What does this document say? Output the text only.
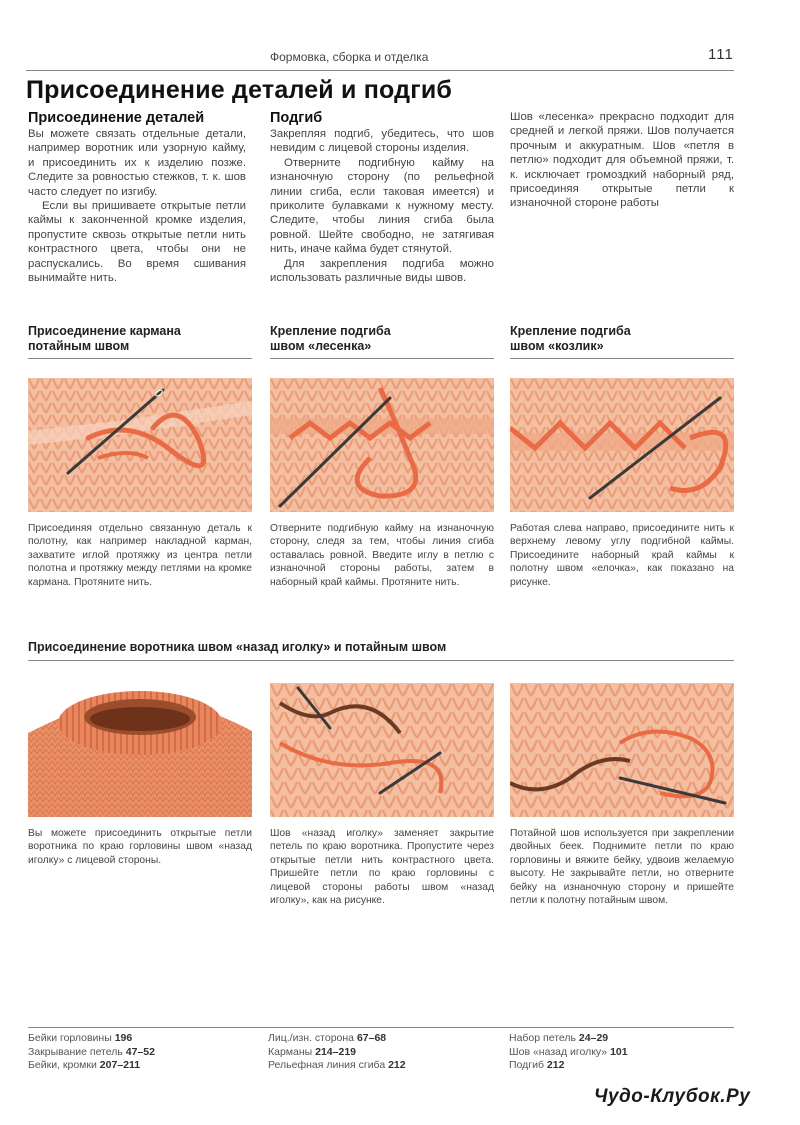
Формовка, сборка и отделка	111
Присоединение деталей и подгиб
Присоединение деталей

Вы можете связать отдельные детали, например воротник или узорную кайму, и присоединить их к изделию позже. Следите за ровностью стежков, т. к. шов часто следует по изгибу.

Если вы пришиваете открытые петли каймы к законченной кромке изделия, пропустите сквозь открытые петли нить контрастного цвета, чтобы они не распускались. Во время сшивания вынимайте нить.

Подгиб

Закрепляя подгиб, убедитесь, что шов невидим с лицевой стороны изделия.

Отверните подгибную кайму на изнаночную сторону (по рельефной линии сгиба, если таковая имеется) и приколите булавками к нужному месту. Следите, чтобы линия сгиба была ровной. Шейте свободно, не затягивая нить, иначе кайма будет стянутой.

Для закрепления подгиба можно использовать различные виды швов.

Шов «лесенка» прекрасно подходит для средней и легкой пряжи. Шов получается прочным и аккуратным. Шов «петля в петлю» подходит для объемной пряжи, т. к. исключает громоздкий наборный ряд, присоединяя открытые петли к изнаночной стороне работы

Присоединение кармана
потайным швом
Крепление подгиба
швом «лесенка»
Крепление подгиба
швом «козлик»
Присоединяя отдельно связанную деталь к полотну, как например накладной карман, захватите иглой протяжку из центра петли полотна и протяжку между петлями на кромке кармана. Протяните нить.
Отверните подгибную кайму на изнаночную сторону, следя за тем, чтобы линия сгиба оставалась ровной. Введите иглу в петлю с изнаночной стороны работы, затем в наборный край каймы. Протяните нить.
Работая слева направо, присоедините нить к верхнему левому углу подгибной каймы. Присоедините наборный край каймы к полотну швом «елочка», как показано на рисунке.
Присоединение воротника швом «назад иголку» и потайным швом
Вы можете присоединить открытые петли воротника по краю горловины швом «назад иголку» с лицевой стороны.
Шов «назад иголку» заменяет закрытие петель по краю воротника. Пропустите через открытые петли нить контрастного цвета. Пришейте петли по краю горловины с лицевой стороны работы швом «назад иголку», как на рисунке.
Потайной шов используется при закреплении двойных беек. Поднимите петли по краю горловины и вяжите бейку, удвоив желаемую высоту. Не закрывайте петли, но отверните бейку на изнаночную сторону и пришейте петли к полотну потайным швом.
Бейки горловины 196
Закрывание петель 47–52
Бейки, кромки 207–211
Лиц./изн. сторона 67–68
Карманы 214–219
Рельефная линия сгиба 212
Набор петель 24–29
Шов «назад иголку» 101
Подгиб 212
Чудо-Клубок.Ру
